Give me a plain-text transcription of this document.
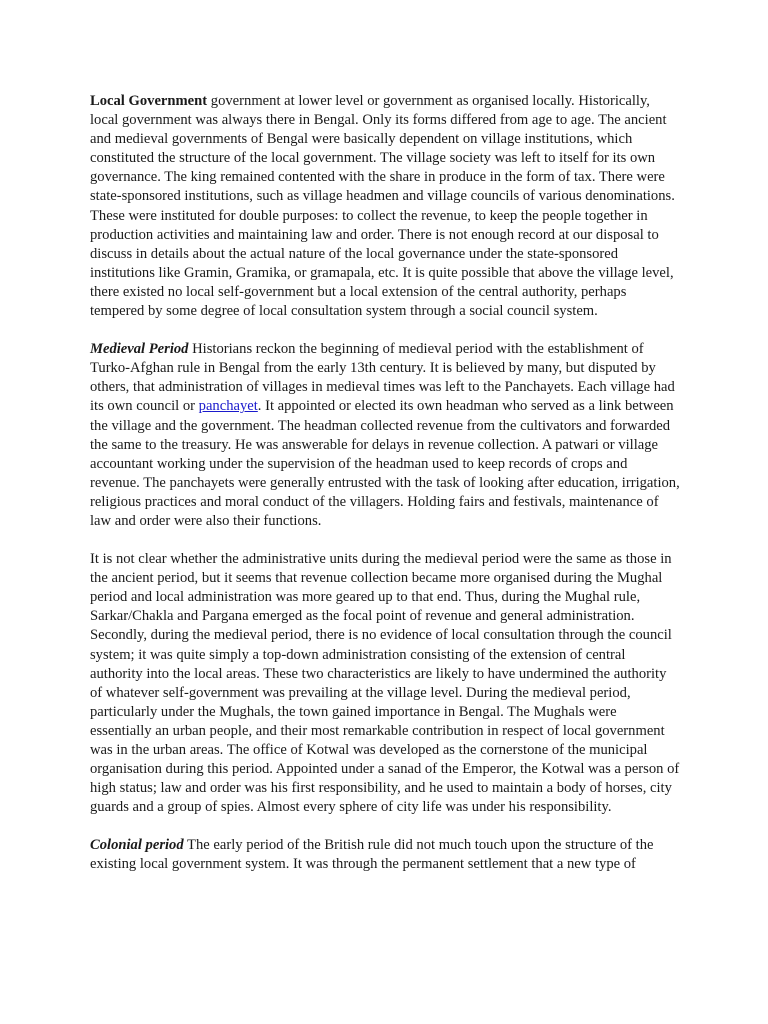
Local Government government at lower level or government as organised locally. Historically, local government was always there in Bengal. Only its forms differed from age to age. The ancient and medieval governments of Bengal were basically dependent on village institutions, which constituted the structure of the local government. The village society was left to itself for its own governance. The king remained contented with the share in produce in the form of tax. There were state-sponsored institutions, such as village headmen and village councils of various denominations. These were instituted for double purposes: to collect the revenue, to keep the people together in production activities and maintaining law and order. There is not enough record at our disposal to discuss in details about the actual nature of the local governance under the state-sponsored institutions like Gramin, Gramika, or gramapala, etc. It is quite possible that above the village level, there existed no local self-government but a local extension of the central authority, perhaps tempered by some degree of local consultation system through a social council system.

Medieval Period Historians reckon the beginning of medieval period with the establishment of Turko-Afghan rule in Bengal from the early 13th century. It is believed by many, but disputed by others, that administration of villages in medieval times was left to the Panchayets. Each village had its own council or panchayet. It appointed or elected its own headman who served as a link between the village and the government. The headman collected revenue from the cultivators and forwarded the same to the treasury. He was answerable for delays in revenue collection. A patwari or village accountant working under the supervision of the headman used to keep records of crops and revenue. The panchayets were generally entrusted with the task of looking after education, irrigation, religious practices and moral conduct of the villagers. Holding fairs and festivals, maintenance of law and order were also their functions.

It is not clear whether the administrative units during the medieval period were the same as those in the ancient period, but it seems that revenue collection became more organised during the Mughal period and local administration was more geared up to that end. Thus, during the Mughal rule, Sarkar/Chakla and Pargana emerged as the focal point of revenue and general administration. Secondly, during the medieval period, there is no evidence of local consultation through the council system; it was quite simply a top-down administration consisting of the extension of central authority into the local areas. These two characteristics are likely to have undermined the authority of whatever self-government was prevailing at the village level. During the medieval period, particularly under the Mughals, the town gained importance in Bengal. The Mughals were essentially an urban people, and their most remarkable contribution in respect of local government was in the urban areas. The office of Kotwal was developed as the cornerstone of the municipal organisation during this period. Appointed under a sanad of the Emperor, the Kotwal was a person of high status; law and order was his first responsibility, and he used to maintain a body of horses, city guards and a group of spies. Almost every sphere of city life was under his responsibility.

Colonial period The early period of the British rule did not much touch upon the structure of the existing local government system. It was through the permanent settlement that a new type of
